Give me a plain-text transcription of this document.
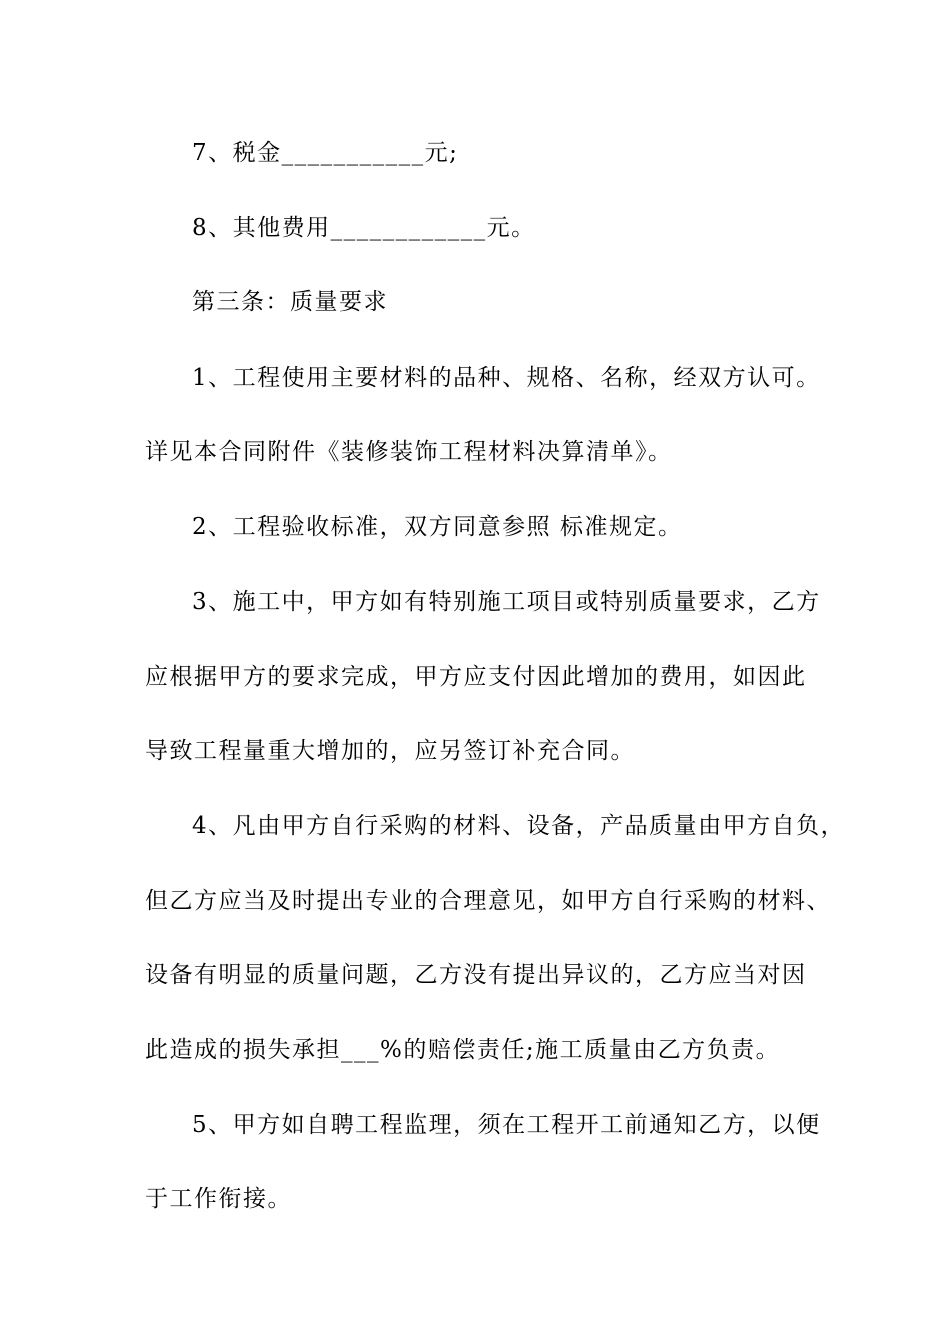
7、税金___________元;
8、其他费用____________元。
第三条：质量要求
1、工程使用主要材料的品种、规格、名称，经双方认可。
详见本合同附件《装修装饰工程材料决算清单》。
2、工程验收标准，双方同意参照 标准规定。
3、施工中，甲方如有特别施工项目或特别质量要求，乙方
应根据甲方的要求完成，甲方应支付因此增加的费用，如因此
导致工程量重大增加的，应另签订补充合同。
4、凡由甲方自行采购的材料、设备，产品质量由甲方自负，
但乙方应当及时提出专业的合理意见，如甲方自行采购的材料、
设备有明显的质量问题，乙方没有提出异议的，乙方应当对因
此造成的损失承担___%的赔偿责任;施工质量由乙方负责。
5、甲方如自聘工程监理，须在工程开工前通知乙方，以便
于工作衔接。
